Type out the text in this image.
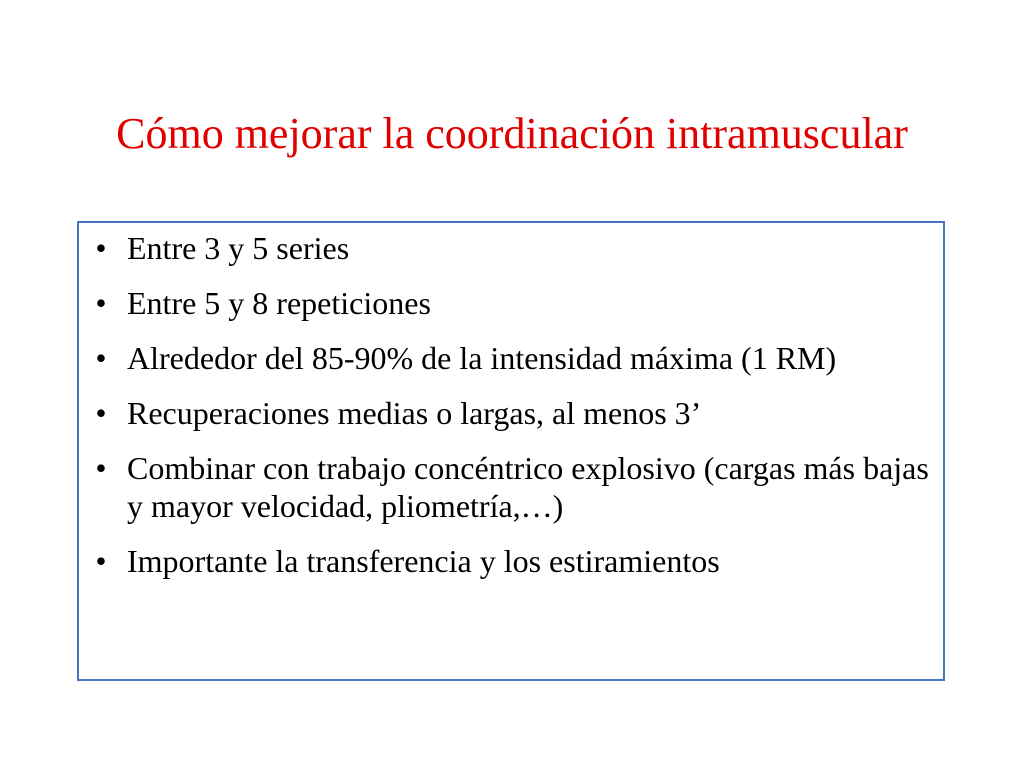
Cómo mejorar la coordinación intramuscular
• Entre 3 y 5 series
• Entre 5 y 8 repeticiones
• Alrededor del 85-90% de la intensidad máxima (1 RM)
• Recuperaciones medias o largas, al menos 3’
• Combinar con trabajo concéntrico explosivo (cargas más bajas y mayor velocidad, pliometría,…)
• Importante la transferencia y los estiramientos
